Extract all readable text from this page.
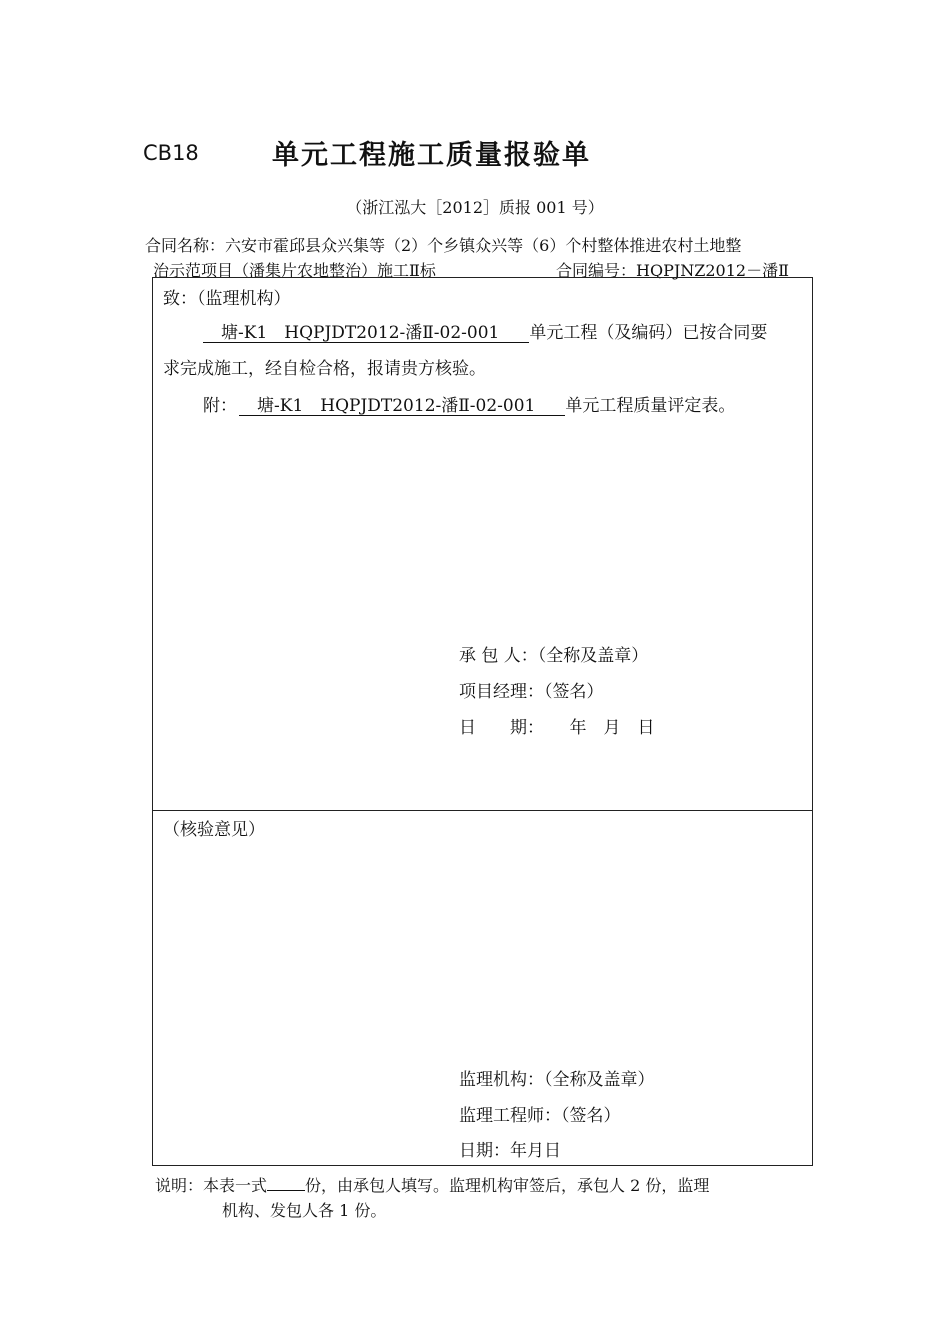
CB18	单元工程施工质量报验单
（浙江泓大［2012］质报 001 号）
合同名称：六安市霍邱县众兴集等（2）个乡镇众兴等（6）个村整体推进农村土地整
治示范项目（潘集片农地整治）施工Ⅱ标	合同编号：HQPJNZ2012－潘Ⅱ
致：（监理机构）
塘-K1　HQPJDT2012-潘Ⅱ-02-001 单元工程（及编码）已按合同要
求完成施工，经自检合格，报请贵方核验。
附： 塘-K1　HQPJDT2012-潘Ⅱ-02-001 单元工程质量评定表。
承 包 人：（全称及盖章）
项目经理：（签名）
日　　期：　　年　月　日
（核验意见）
监理机构：（全称及盖章）
监理工程师：（签名）
日期：年月日
说明：本表一式 份，由承包人填写。监理机构审签后，承包人 2 份，监理
机构、发包人各 1 份。
